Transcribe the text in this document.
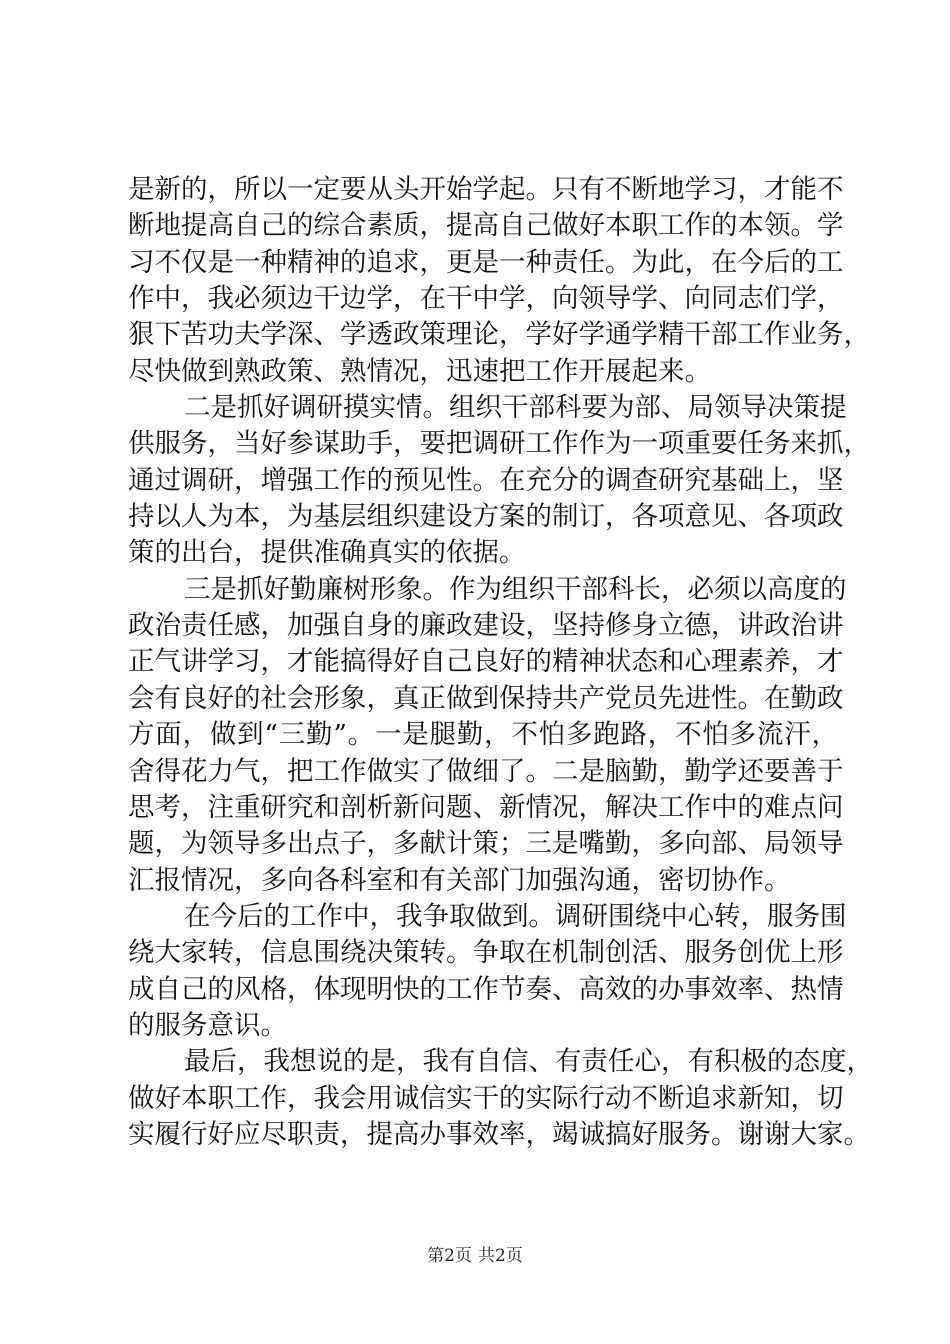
是新的，所以一定要从头开始学起。只有不断地学习，才能不
断地提高自己的综合素质，提高自己做好本职工作的本领。学
习不仅是一种精神的追求，更是一种责任。为此，在今后的工
作中，我必须边干边学，在干中学，向领导学、向同志们学，
狠下苦功夫学深、学透政策理论，学好学通学精干部工作业务，
尽快做到熟政策、熟情况，迅速把工作开展起来。
二是抓好调研摸实情。组织干部科要为部、局领导决策提
供服务，当好参谋助手，要把调研工作作为一项重要任务来抓，
通过调研，增强工作的预见性。在充分的调查研究基础上，坚
持以人为本，为基层组织建设方案的制订，各项意见、各项政
策的出台，提供准确真实的依据。
三是抓好勤廉树形象。作为组织干部科长，必须以高度的
政治责任感，加强自身的廉政建设，坚持修身立德，讲政治讲
正气讲学习，才能搞得好自己良好的精神状态和心理素养，才
会有良好的社会形象，真正做到保持共产党员先进性。在勤政
方面，做到“三勤”。一是腿勤，不怕多跑路，不怕多流汗，
舍得花力气，把工作做实了做细了。二是脑勤，勤学还要善于
思考，注重研究和剖析新问题、新情况，解决工作中的难点问
题，为领导多出点子，多献计策；三是嘴勤，多向部、局领导
汇报情况，多向各科室和有关部门加强沟通，密切协作。
在今后的工作中，我争取做到。调研围绕中心转，服务围
绕大家转，信息围绕决策转。争取在机制创活、服务创优上形
成自己的风格，体现明快的工作节奏、高效的办事效率、热情
的服务意识。
最后，我想说的是，我有自信、有责任心，有积极的态度，
做好本职工作，我会用诚信实干的实际行动不断追求新知，切
实履行好应尽职责，提高办事效率，竭诚搞好服务。谢谢大家。
第2页 共2页
